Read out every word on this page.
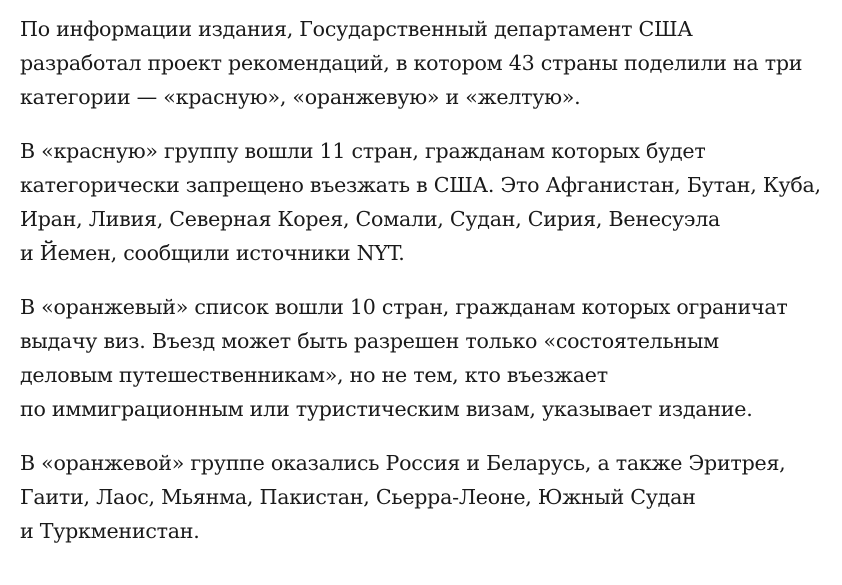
По информации издания, Государственный департамент США
разработал проект рекомендаций, в котором 43 страны поделили на три
категории — «красную», «оранжевую» и «желтую».

В «красную» группу вошли 11 стран, гражданам которых будет
категорически запрещено въезжать в США. Это Афганистан, Бутан, Куба,
Иран, Ливия, Северная Корея, Сомали, Судан, Сирия, Венесуэла
и Йемен, сообщили источники NYT.

В «оранжевый» список вошли 10 стран, гражданам которых ограничат
выдачу виз. Въезд может быть разрешен только «состоятельным
деловым путешественникам», но не тем, кто въезжает
по иммиграционным или туристическим визам, указывает издание.

В «оранжевой» группе оказались Россия и Беларусь, а также Эритрея,
Гаити, Лаос, Мьянма, Пакистан, Сьерра-Леоне, Южный Судан
и Туркменистан.
